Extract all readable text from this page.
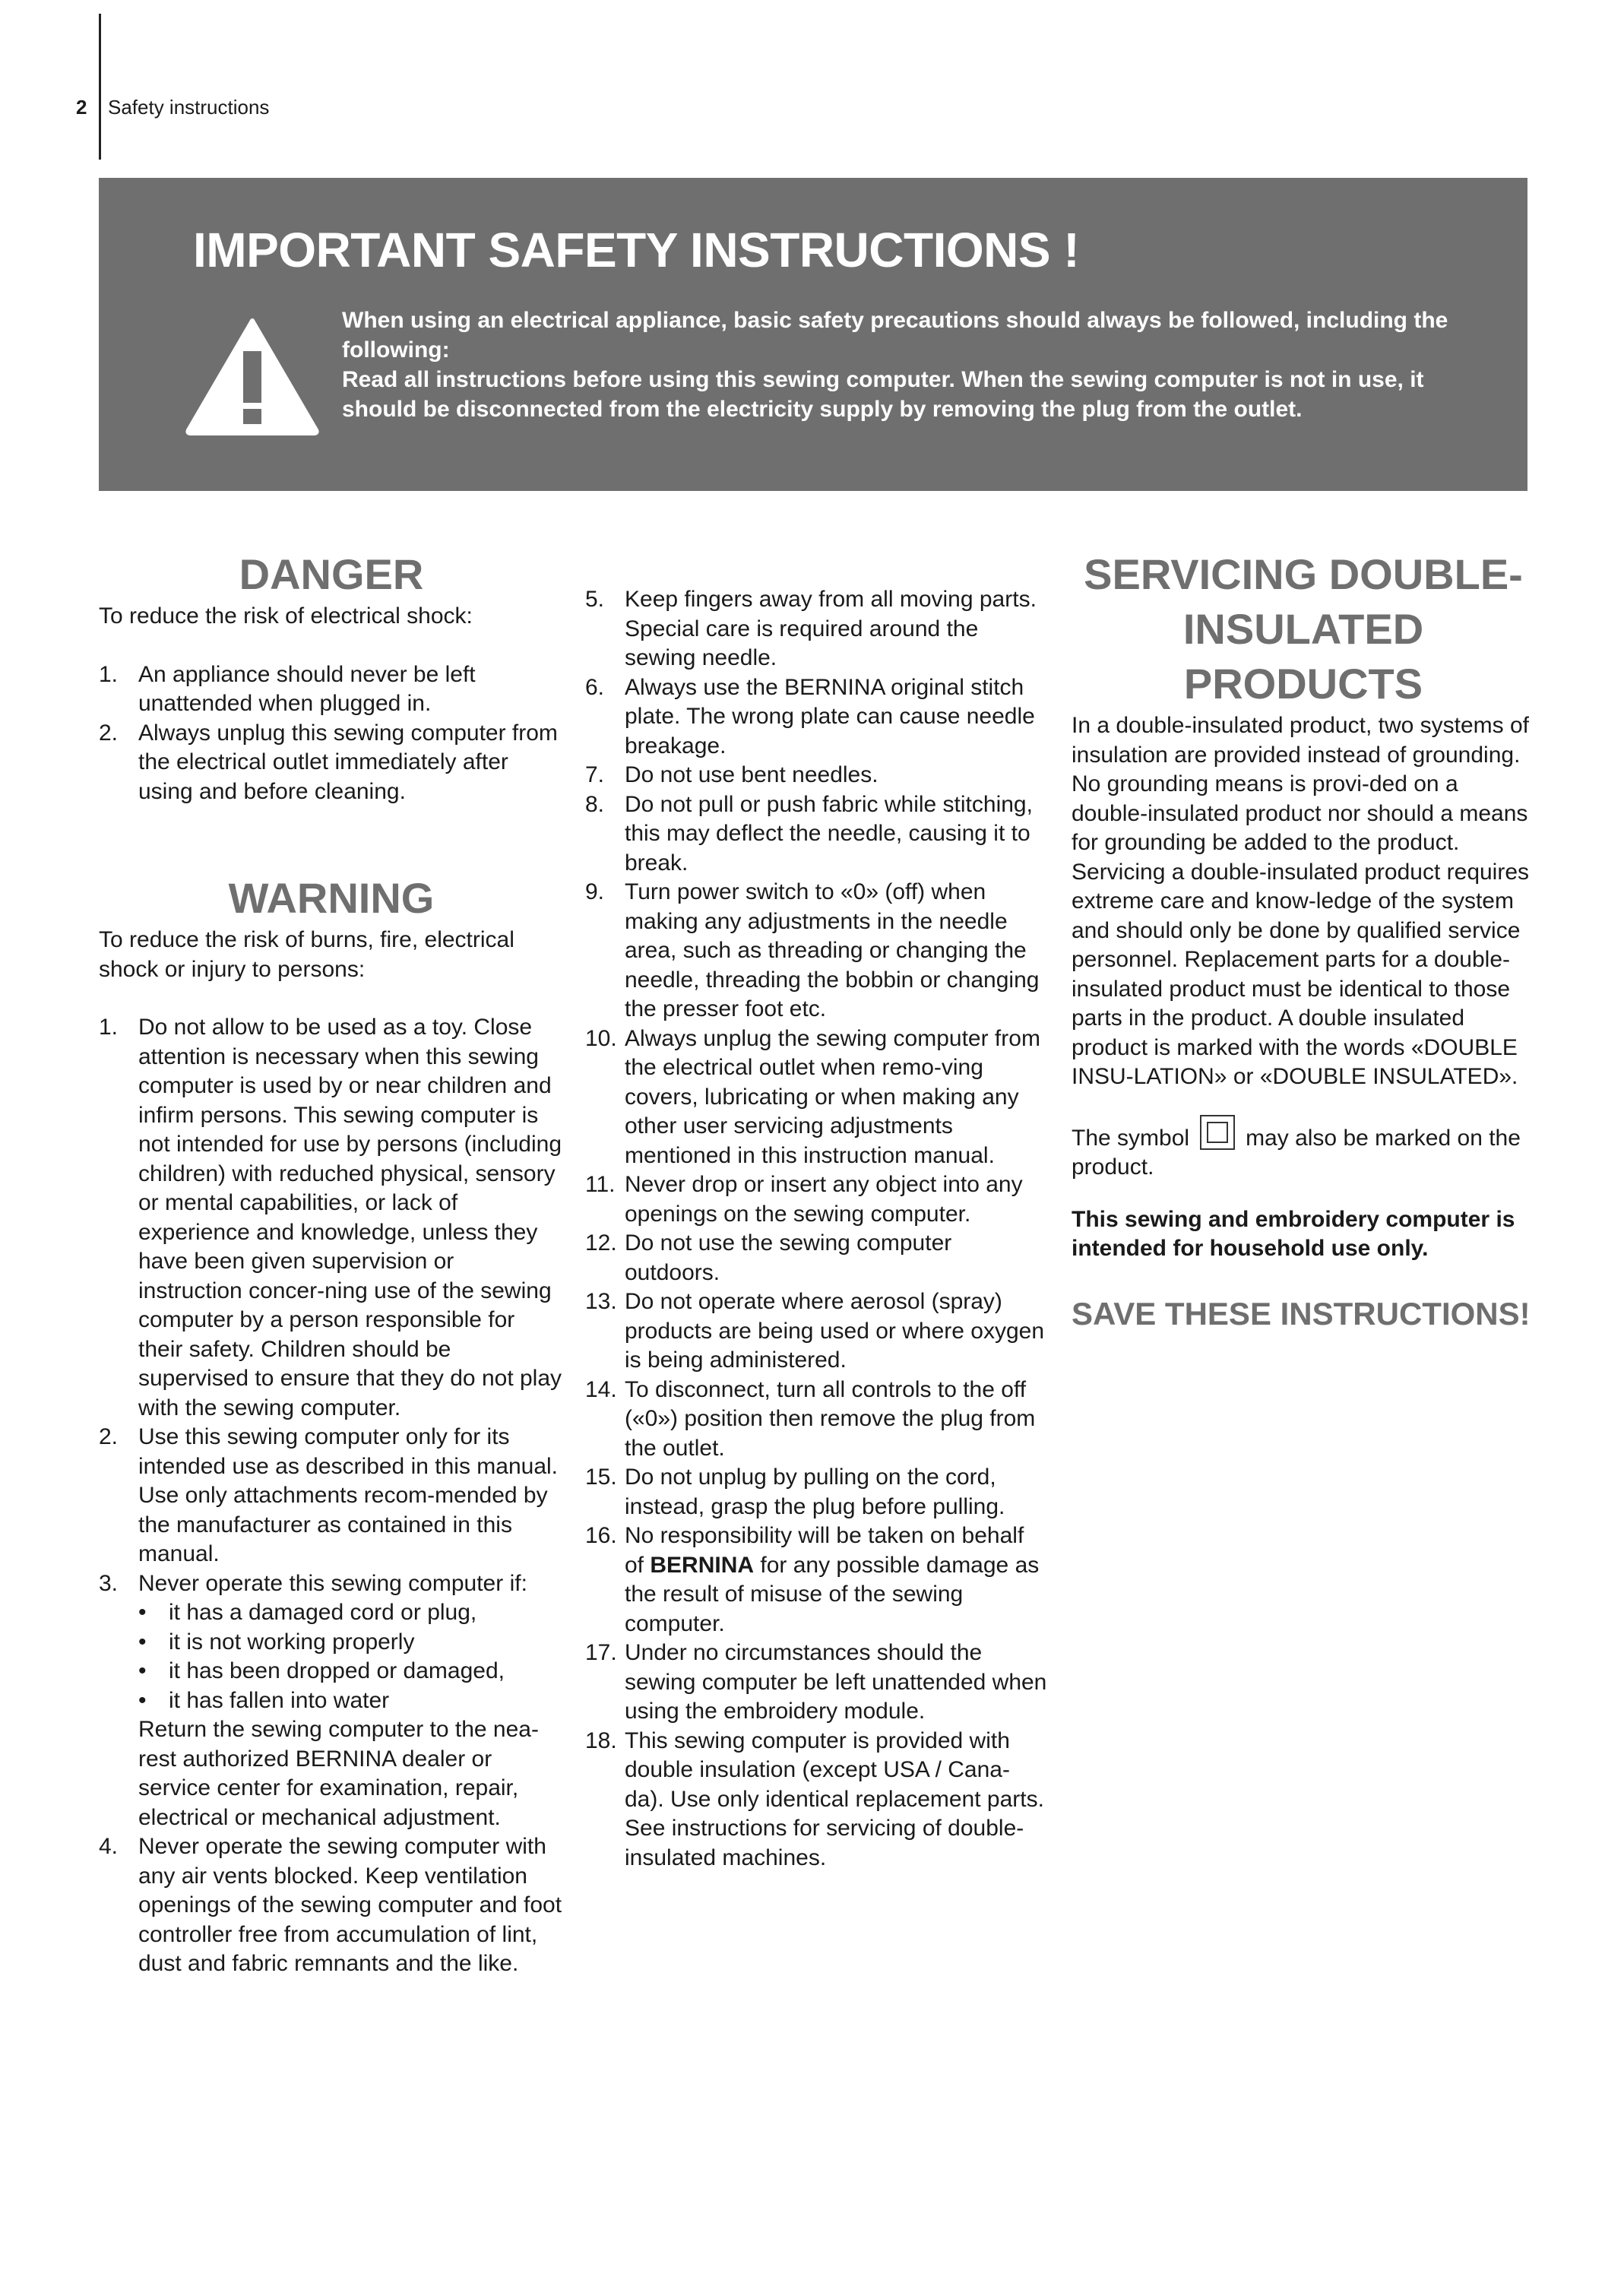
2 Safety instructions
IMPORTANT SAFETY INSTRUCTIONS !

When using an electrical appliance, basic safety precautions should always be followed, including the following:

Read all instructions before using this sewing computer. When the sewing computer is not in use, it should be disconnected from the electricity supply by removing the plug from the outlet.

DANGER

To reduce the risk of electrical shock:

1. An appliance should never be left unattended when plugged in.
2. Always unplug this sewing computer from the electrical outlet immediately after using and before cleaning.
WARNING

To reduce the risk of burns, fire, electrical shock or injury to persons:

1. Do not allow to be used as a toy. Close attention is necessary when this sewing computer is used by or near children and infirm persons. This sewing computer is not intended for use by persons (including children) with reduched physical, sensory or mental capabilities, or lack of experience and knowledge, unless they have been given supervision or instruction concer-ning use of the sewing computer by a person responsible for their safety. Children should be supervised to ensure that they do not play with the sewing computer.
2. Use this sewing computer only for its intended use as described in this manual. Use only attachments recom-mended by the manufacturer as contained in this manual.
3. Never operate this sewing computer if:
• it has a damaged cord or plug,
• it is not working properly
• it has been dropped or damaged,
• it has fallen into water
Return the sewing computer to the nea-rest authorized BERNINA dealer or service center for examination, repair, electrical or mechanical adjustment.
4. Never operate the sewing computer with any air vents blocked. Keep ventilation openings of the sewing computer and foot controller free from accumulation of lint, dust and fabric remnants and the like.
5. Keep fingers away from all moving parts. Special care is required around the sewing needle.
6. Always use the BERNINA original stitch plate. The wrong plate can cause needle breakage.
7. Do not use bent needles.
8. Do not pull or push fabric while stitching, this may deflect the needle, causing it to break.
9. Turn power switch to «0» (off) when making any adjustments in the needle area, such as threading or changing the needle, threading the bobbin or changing the presser foot etc.
10. Always unplug the sewing computer from the electrical outlet when remo-ving covers, lubricating or when making any other user servicing adjustments mentioned in this instruction manual.
11. Never drop or insert any object into any openings on the sewing computer.
12. Do not use the sewing computer outdoors.
13. Do not operate where aerosol (spray) products are being used or where oxygen is being administered.
14. To disconnect, turn all controls to the off («0») position then remove the plug from the outlet.
15. Do not unplug by pulling on the cord, instead, grasp the plug before pulling.
16. No responsibility will be taken on behalf of BERNINA for any possible damage as the result of misuse of the sewing computer.
17. Under no circumstances should the sewing computer be left unattended when using the embroidery module.
18. This sewing computer is provided with double insulation (except USA / Cana-da). Use only identical replacement parts. See instructions for servicing of double-insulated machines.
SERVICING DOUBLE-INSULATED PRODUCTS

In a double-insulated product, two systems of insulation are provided instead of grounding. No grounding means is provi-ded on a double-insulated product nor should a means for grounding be added to the product. Servicing a double-insulated product requires extreme care and know-ledge of the system and should only be done by qualified service personnel. Replacement parts for a double-insulated product must be identical to those parts in the product. A double insulated product is marked with the words «DOUBLE INSU-LATION» or «DOUBLE INSULATED».

The symbol may also be marked on the product.

This sewing and embroidery computer is intended for household use only.

SAVE THESE INSTRUCTIONS!
